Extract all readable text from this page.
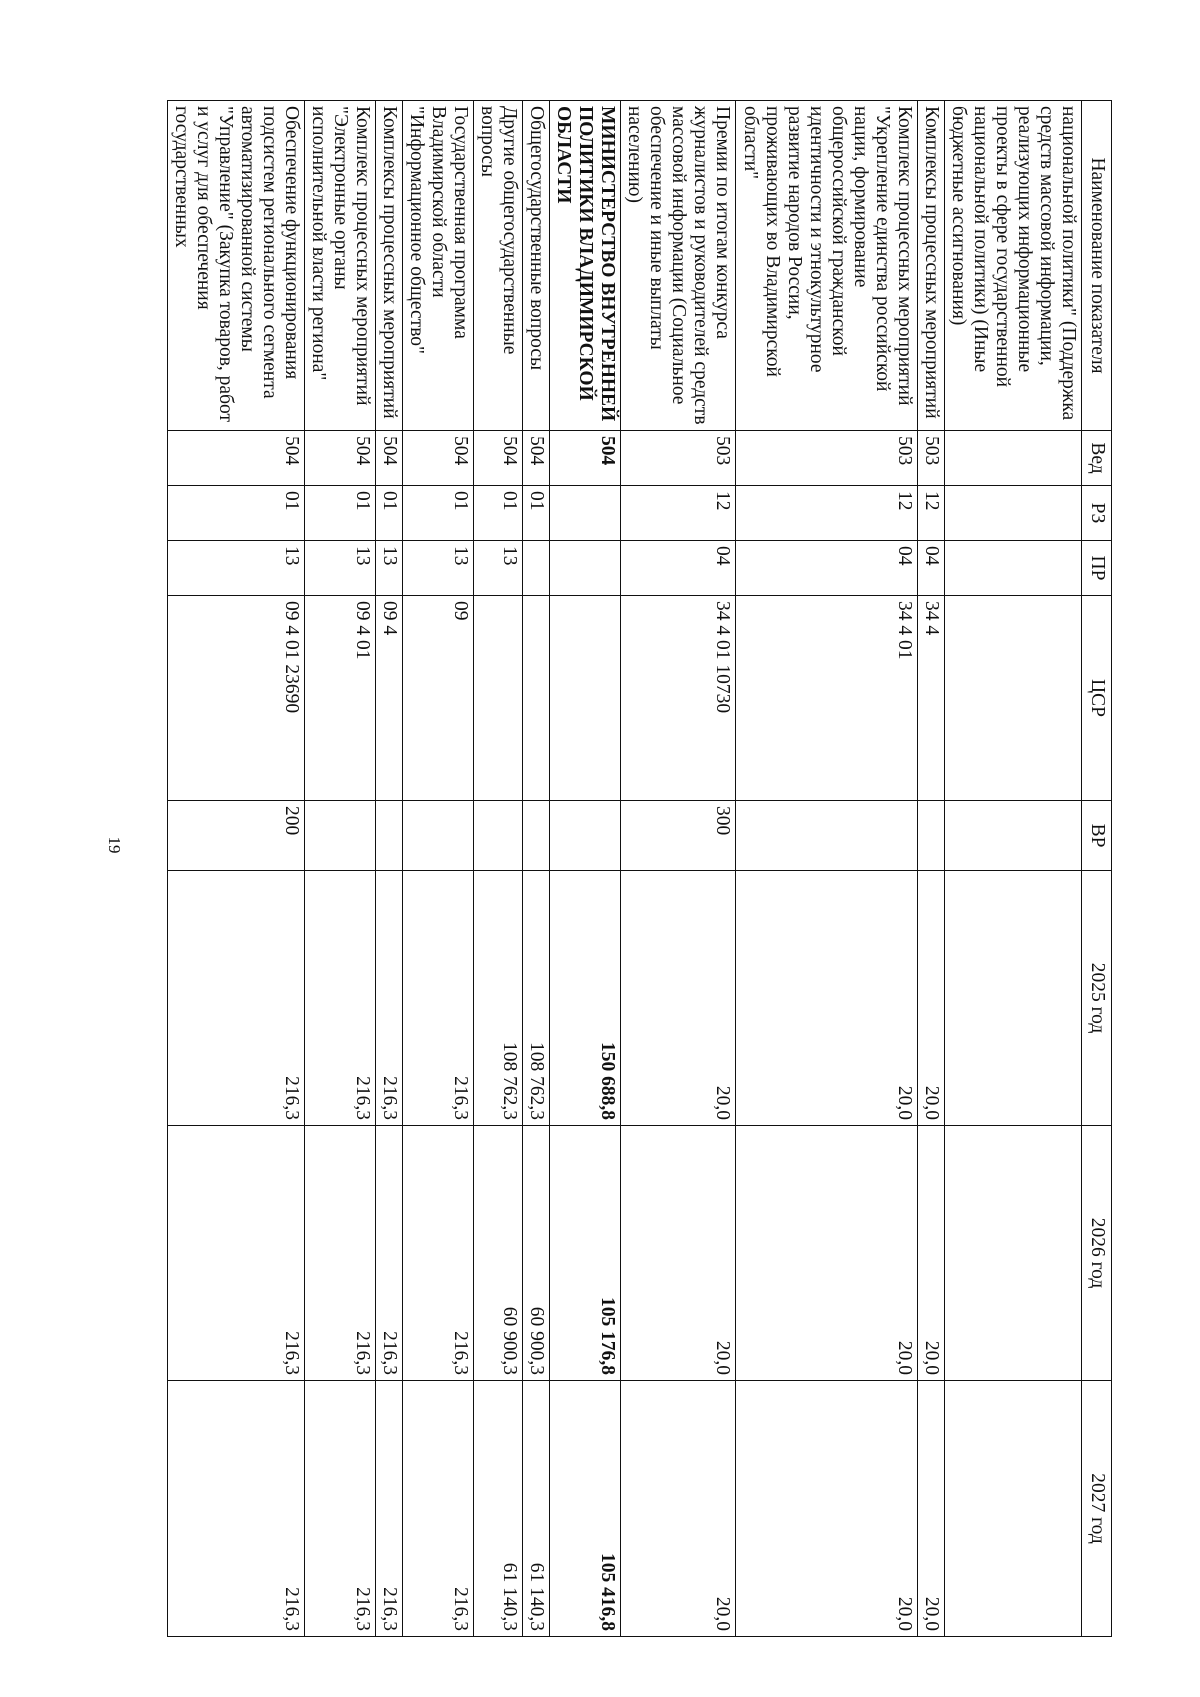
19
Наименование показателя	Вед	РЗ	ПР	ЦСР	ВР	2025 год	2026 год	2027 год
национальной политики" (Поддержка средств массовой информации, реализующих информационные проекты в сфере государственной национальной политики) (Иные бюджетные ассигнования)								
Комплексы процессных мероприятий	503	12	04	34 4		20,0	20,0	20,0
Комплекс процессных мероприятий "Укрепление единства российской нации, формирование общероссийской гражданской идентичности и этнокультурное развитие народов России, проживающих во Владимирской области"	503	12	04	34 4 01		20,0	20,0	20,0
Премии по итогам конкурса журналистов и руководителей средств массовой информации (Социальное обеспечение и иные выплаты населению)	503	12	04	34 4 01 10730	300	20,0	20,0	20,0
МИНИСТЕРСТВО ВНУТРЕННЕЙ ПОЛИТИКИ ВЛАДИМИРСКОЙ ОБЛАСТИ	504					150 688,8	105 176,8	105 416,8
Общегосударственные вопросы	504	01				108 762,3	60 900,3	61 140,3
Другие общегосударственные вопросы	504	01	13			108 762,3	60 900,3	61 140,3
Государственная программа Владимирской области "Информационное общество"	504	01	13	09		216,3	216,3	216,3
Комплексы процессных мероприятий	504	01	13	09 4		216,3	216,3	216,3
Комплекс процессных мероприятий "Электронные органы исполнительной власти региона"	504	01	13	09 4 01		216,3	216,3	216,3
Обеспечение функционирования подсистем регионального сегмента автоматизированной системы "Управление" (Закупка товаров, работ и услуг для обеспечения государственных	504	01	13	09 4 01 23690	200	216,3	216,3	216,3
